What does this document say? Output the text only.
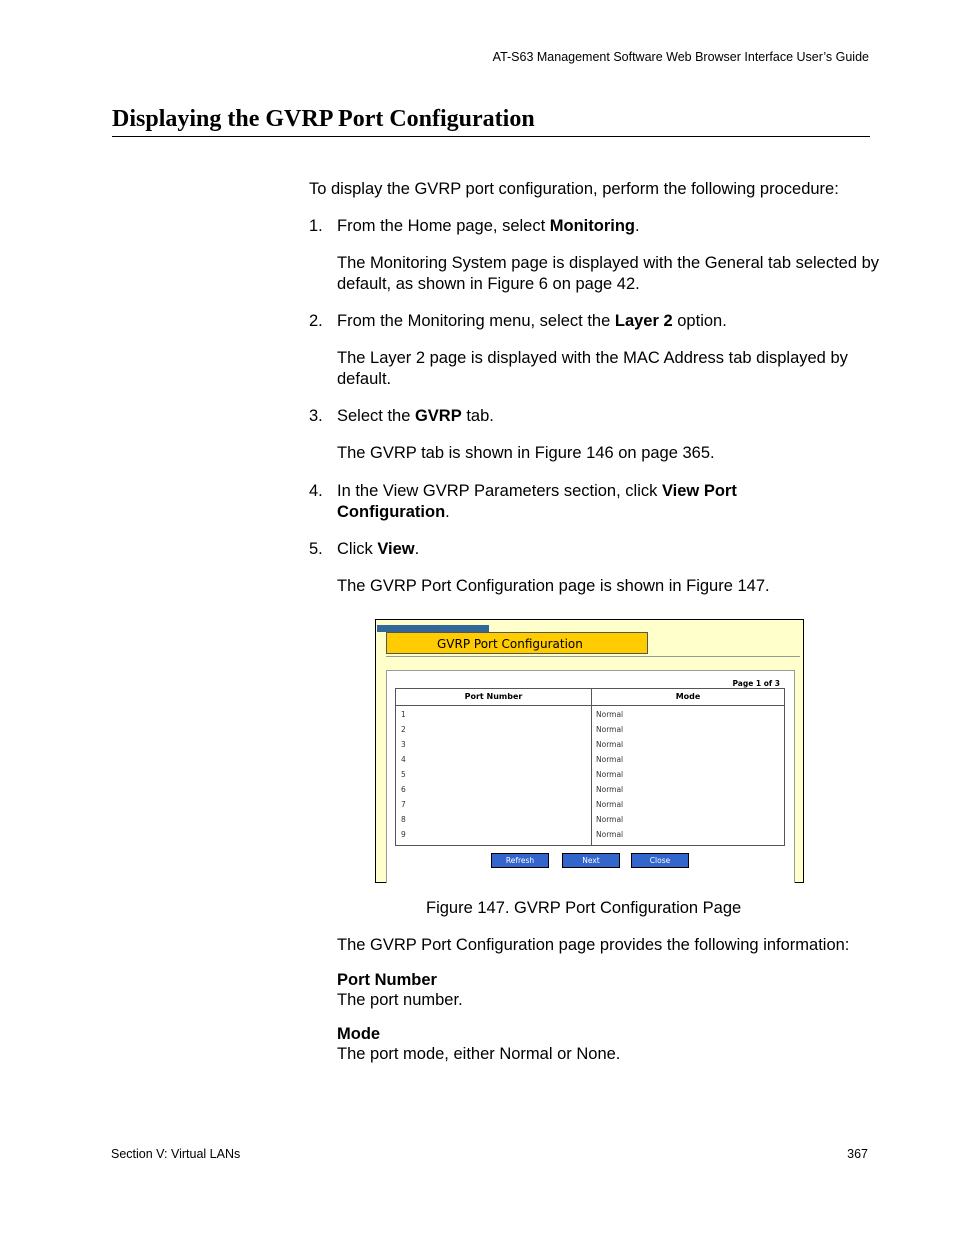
AT-S63 Management Software Web Browser Interface User’s Guide
Displaying the GVRP Port Configuration
To display the GVRP port configuration, perform the following procedure:
1. From the Home page, select Monitoring.
The Monitoring System page is displayed with the General tab selected by default, as shown in Figure 6 on page 42.
2. From the Monitoring menu, select the Layer 2 option.
The Layer 2 page is displayed with the MAC Address tab displayed by default.
3. Select the GVRP tab.
The GVRP tab is shown in Figure 146 on page 365.
4. In the View GVRP Parameters section, click View Port Configuration.
5. Click View.
The GVRP Port Configuration page is shown in Figure 147.
GVRP Port Configuration
Page 1 of 3
Port Number	Mode
1	Normal
2	Normal
3	Normal
4	Normal
5	Normal
6	Normal
7	Normal
8	Normal
9	Normal
Refresh	Next	Close
Figure 147. GVRP Port Configuration Page
The GVRP Port Configuration page provides the following information:
Port Number
The port number.
Mode
The port mode, either Normal or None.
Section V: Virtual LANs	367
